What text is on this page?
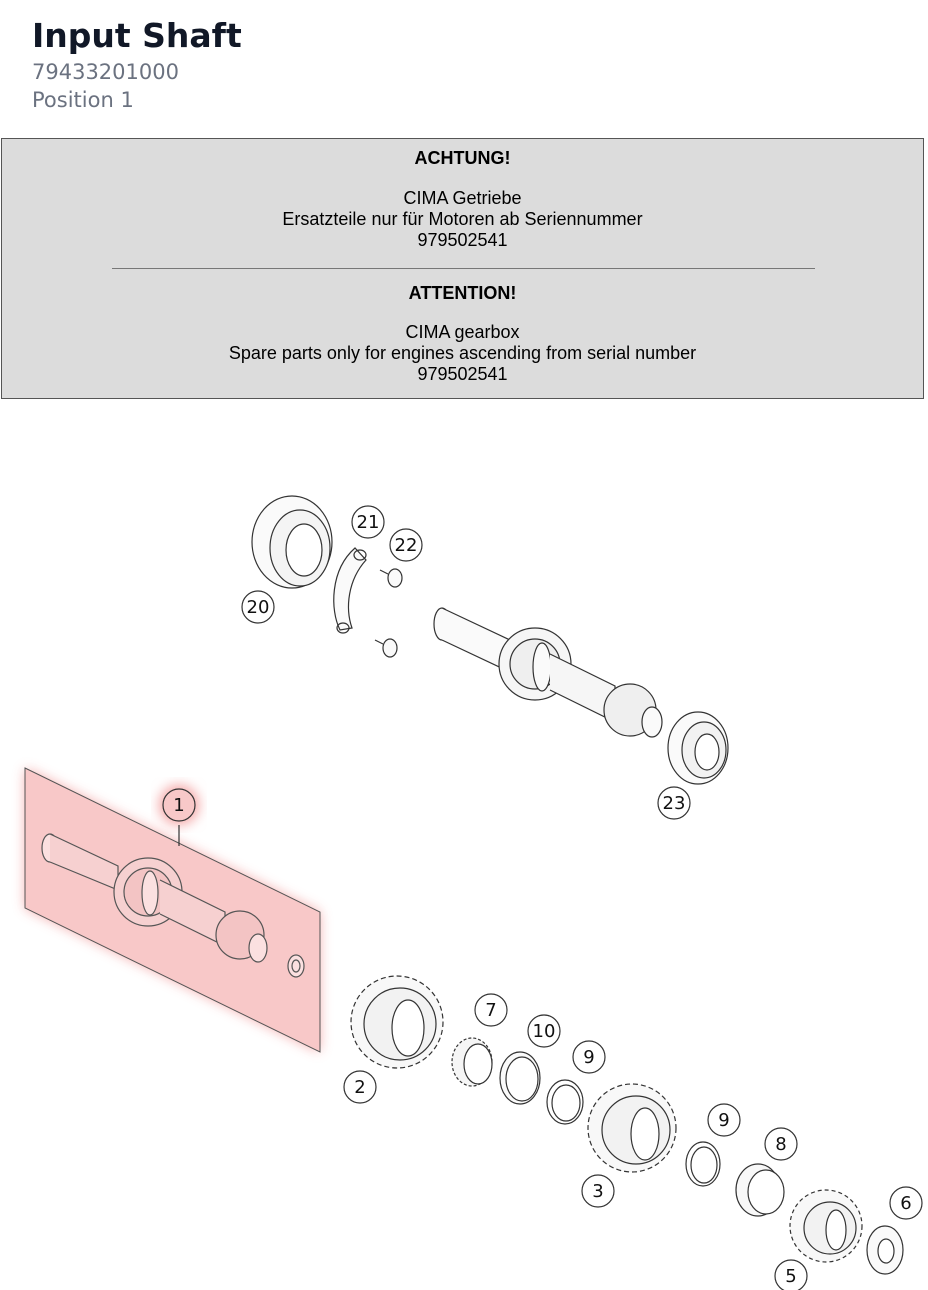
Input Shaft
79433201000
Position 1
ACHTUNG!
CIMA Getriebe
Ersatzteile nur für Motoren ab Seriennummer
979502541
ATTENTION!
CIMA gearbox
Spare parts only for engines ascending from serial number
979502541
1
20
21
22
23
2
7
10
9
3
9
8
6
5
